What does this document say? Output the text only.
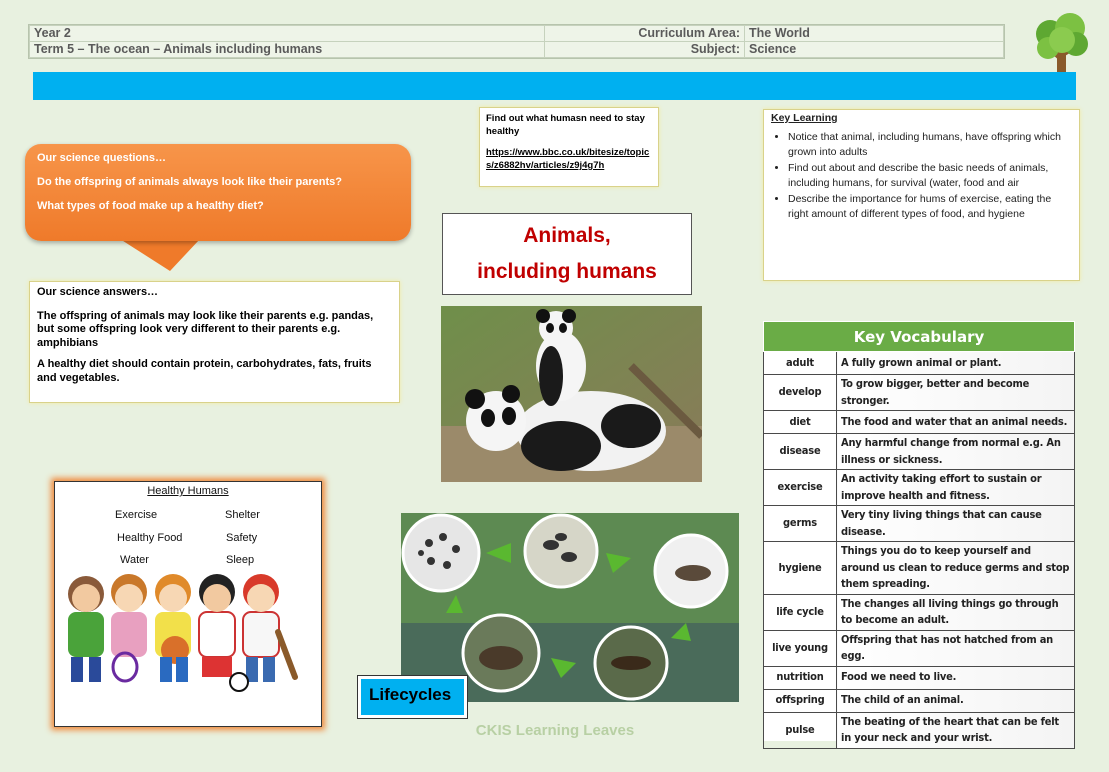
Year 2	Curriculum Area:	The World
Term 5 – The ocean – Animals including humans	Subject:	Science

Our science questions…

Do the offspring of animals always look like their parents?

What types of food make up a healthy diet?

Our science answers…

The offspring of animals may look like their parents e.g. pandas, but some offspring look very different to their parents e.g. amphibians

A healthy diet should contain protein, carbohydrates, fats, fruits and vegetables.

Find out what humasn need to stay healthy

https://www.bbc.co.uk/bitesize/topics/z6882hv/articles/z9j4g7h
Animals,
including humans
Key Learning
• Notice that animal, including humans, have offspring which grown into adults
• Find out about and describe the basic needs of animals, including humans, for survival (water, food and air
• Describe the importance for hums of exercise, eating the right amount of different types of food, and hygiene
Lifecycles
Healthy Humans
Exercise	Shelter
Healthy Food	Safety
Water	Sleep
Key Vocabulary	
adult	A fully grown animal or plant.
develop	To grow bigger, better and become stronger.
diet	The food and water that an animal needs.
disease	Any harmful change from normal e.g. An illness or sickness.
exercise	An activity taking effort to sustain or improve health and fitness.
germs	Very tiny living things that can cause disease.
hygiene	Things you do to keep yourself and around us clean to reduce germs and stop them spreading.
life cycle	The changes all living things go through to become an adult.
live young	Offspring that has not hatched from an egg.
nutrition	Food we need to live.
offspring	The child of an animal.
pulse	The beating of the heart that can be felt in your neck and your wrist.
CKIS Learning Leaves
